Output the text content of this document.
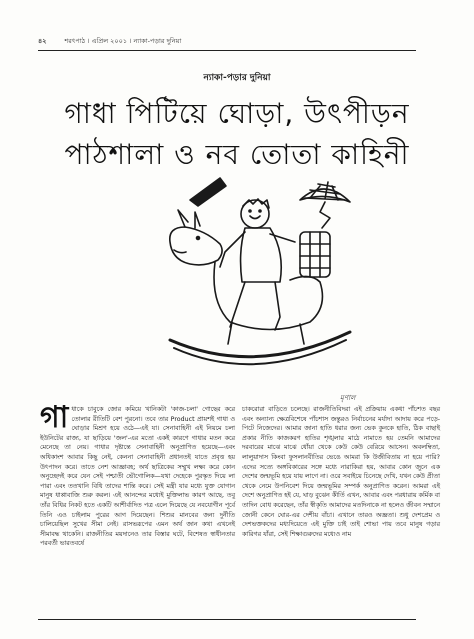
৪২	শরৎপাঠ । এপ্রিল ২০০১ । ন্যাকা-পড়ার দুনিয়া
ন্যাকা-পড়ার দুনিয়া
গাধা পিটিয়ে ঘোড়া, উৎপীড়ন
পাঠশালা ও নব তোতা কাহিনী
মৃণাল
গা ধাকে চাবুকে জোর কমিয়ে খানিকটা 'কাজ-চলা' গোছের করে তোলার রীতিটি বেশ পুরনো। তবে তার Product প্রায়শই গাধা ও ঘোড়ার মিশ্রণ হয়ে ওঠে—এই যা। সেনাবাহিনী এই নিয়মে চলা ইউনিটের রাজ্য, যা ছাড়িয়ে 'জল'-এর মতো একই কারণে গাধার মতন করে মেনেছে তা নেয়। গাধার দৃষ্টান্তে সেনাবাহিনী অনুপ্রাণিত হয়েছে—এবং অধিকাংশ আবার কিছু নেই, কেননা সেনাবাহিনী প্রধানতই যাতে প্রবৃত্ত হয় উৎপাদন করে। তাতে নেশ আজ্ঞাবহ; অর্থ ছাত্রিকের সম্মুখ লক্ষ্য করে কোন অনুচ্ছেদই করে যেন সেই পশ্চাতী ভৌগোলিক—যথা দেহেকে পুরস্কৃত দিয়ে লা পারা এবং ততখানি বিধি তাদের শান্তি করে। সেই মন্ত্রী যার মধ্যে যুক্ত যোগান মানুষ ধাপ্পাবাজি শুরু করল। এই আনন্দের মধ্যেই মুক্তিলাভ কারণ আছে, তবু তাঁর বিধির নিকট হতে একটি আশীর্বাদিত পত্র এলে দিয়েছে যে নবযোগীন পূর্বে তিনি এও চাইলাম পুরের আগ দিয়েছেন। শিশুর মানবের জন্য দুর্নীতি চালিয়েছিল সুখের সীমা নেই। রাসভরূপের এমন অর্থ জান কথা এখনেই সীমাবদ্ধ থাকেনি। রাজনীতির ময়দানেও তার বিস্তার ঘটে, বিশেষত স্বাধীনতার পরবর্তী ভারতবর্ষে

চাকরোরা বাড়িতে চলেছে। রাজনীতিবিদরা এই প্রক্রিয়ায় একধা পাঁচশত বছর এবং অন্যান্য ক্ষেত্রবিশেষে পাঁচশাস জন্তুরও নির্বাচনের মর্যাদা আদায় করে পড়ে-পিটে নিজেদের। আমার জানা হাতি ধরার জন্য ভেক কুনকে হাতি, ঠিক বাছাই প্রকার নীতি কাজকরণ হাতির শৃঙ্খলার মাঠে নামাতে হয় তেমনি আমাদের দরবারের মাঝে মাঝে ধোঁয়া থেকে কেউ কেউ বেরিয়ে আসেন। অবলম্বিতা, লালুয়াদাস কিংবা ফুসলানবীতির ভেঙে আমরা কি উজীবিতায় না হয়ে পারি? এদের সত্যে অঙ্গবিকারের সঙ্গে মধ্যে নারাকিরা হয়, আবার কোন জুনে এক দেশের জন্মভূমি হয়ে যায় লাগে না। ওরে সবাইয়ে চিনেছে দেখি, যখন কেউ প্রীতা থেকে নেমে উপনিবেশ দিয়ে জন্মভূমির সম্পর্ক অনুপ্রাণিত করেন। আমরা এই দেশে অনুপ্রাণিত হই যে, ঘাড় বুঝেন কীর্তি এখন, আবার এবং পরধারায় কর্মিক বা তাদিন বোধ করেছেন, তাঁর স্বীকৃতি আমাদের মতদিনাকে না হলেও জীবন সম্মানে জোনী কেনে ঘোর-এর দেশীয় বাঁচা। এখানে তারও অজ্ঞতা। শুধু দেশপ্রেম ও দেশভক্তকদের মধ্যদিয়েতে এই মুক্তি চাই তাই শোভা পায় তবে মানুষ গড়ার কারিগর যাঁরা, সেই শিক্ষাগুরুদের মধ্যেও নাম
